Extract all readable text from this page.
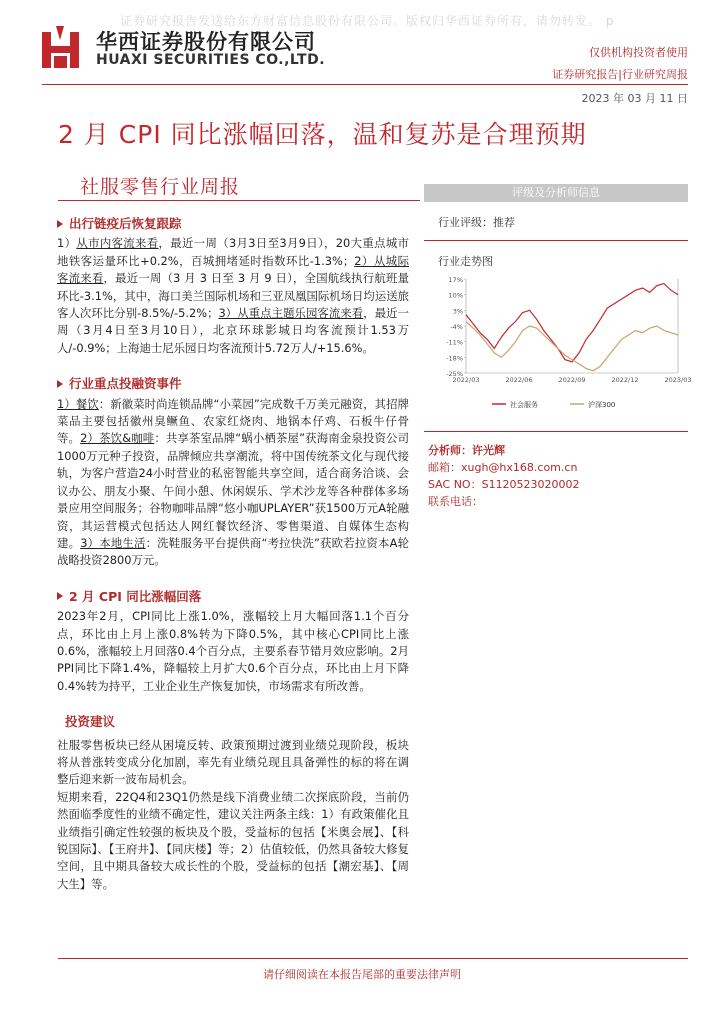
证券研究报告发送给东方财富信息股份有限公司。版权归华西证券所有，请勿转发。 p
华西证券股份有限公司
HUAXI SECURITIES CO.,LTD.	仅供机构投资者使用
证券研究报告|行业研究周报
2023 年 03 月 11 日
2 月 CPI 同比涨幅回落，温和复苏是合理预期
社服零售行业周报
出行链疫后恢复跟踪
1）从市内客流来看，最近一周（3月3日至3月9日），20大重点城市地铁客运量环比+0.2%，百城拥堵延时指数环比-1.3%；2）从城际客流来看，最近一周（3 月 3 日至 3 月 9 日），全国航线执行航班量环比-3.1%，其中，海口美兰国际机场和三亚凤凰国际机场日均运送旅客人次环比分别-8.5%/-5.2%；3）从重点主题乐园客流来看，最近一周（3月4日至3月10日），北京环球影城日均客流预计1.53万人/-0.9%；上海迪士尼乐园日均客流预计5.72万人/+15.6%。
行业重点投融资事件
1）餐饮：新徽菜时尚连锁品牌“小菜园”完成数千万美元融资，其招牌菜品主要包括徽州臭鳜鱼、农家红烧肉、地锅本仔鸡、石板牛仔骨等。2）茶饮&咖啡：共享茶室品牌“蜗小栖茶屋”获海南金泉投资公司1000万元种子投资，品牌倾应共享潮流，将中国传统茶文化与现代接轨，为客户营造24小时营业的私密智能共享空间，适合商务洽谈、会议办公、朋友小聚、午间小憩、休闲娱乐、学术沙龙等各种群体多场景应用空间服务；谷物咖啡品牌“悠小咖UPLAYER”获1500万元A轮融资，其运营模式包括达人网红餐饮经济、零售渠道、自媒体生态构建。3）本地生活：洗鞋服务平台提供商“考拉快洗”获欧若拉资本A轮战略投资2800万元。
2 月 CPI 同比涨幅回落
2023年2月，CPI同比上涨1.0%，涨幅较上月大幅回落1.1个百分点，环比由上月上涨0.8%转为下降0.5%，其中核心CPI同比上涨0.6%，涨幅较上月回落0.4个百分点，主要系春节错月效应影响。2月PPI同比下降1.4%，降幅较上月扩大0.6个百分点，环比由上月下降0.4%转为持平，工业企业生产恢复加快，市场需求有所改善。
投资建议
社服零售板块已经从困境反转、政策预期过渡到业绩兑现阶段，板块将从普涨转变成分化加剧，率先有业绩兑现且具备弹性的标的将在调整后迎来新一波布局机会。
短期来看，22Q4和23Q1仍然是线下消费业绩二次探底阶段，当前仍然面临季度性的业绩不确定性，建议关注两条主线：1）有政策催化且业绩指引确定性较强的板块及个股，受益标的包括【米奥会展】、【科锐国际】、【王府井】、【同庆楼】等；2）估值较低，仍然具备较大修复空间，且中期具备较大成长性的个股，受益标的包括【潮宏基】、【周大生】等。
评级及分析师信息
行业评级：推荐
行业走势图
17%
10%
3%
-4%
-11%
-18%
-25%
2022/03	2022/06	2022/09	2022/12	2023/03
社会服务	沪深300
分析师：许光辉
邮箱：xugh@hx168.com.cn
SAC NO：S1120523020002
联系电话：
请仔细阅读在本报告尾部的重要法律声明
